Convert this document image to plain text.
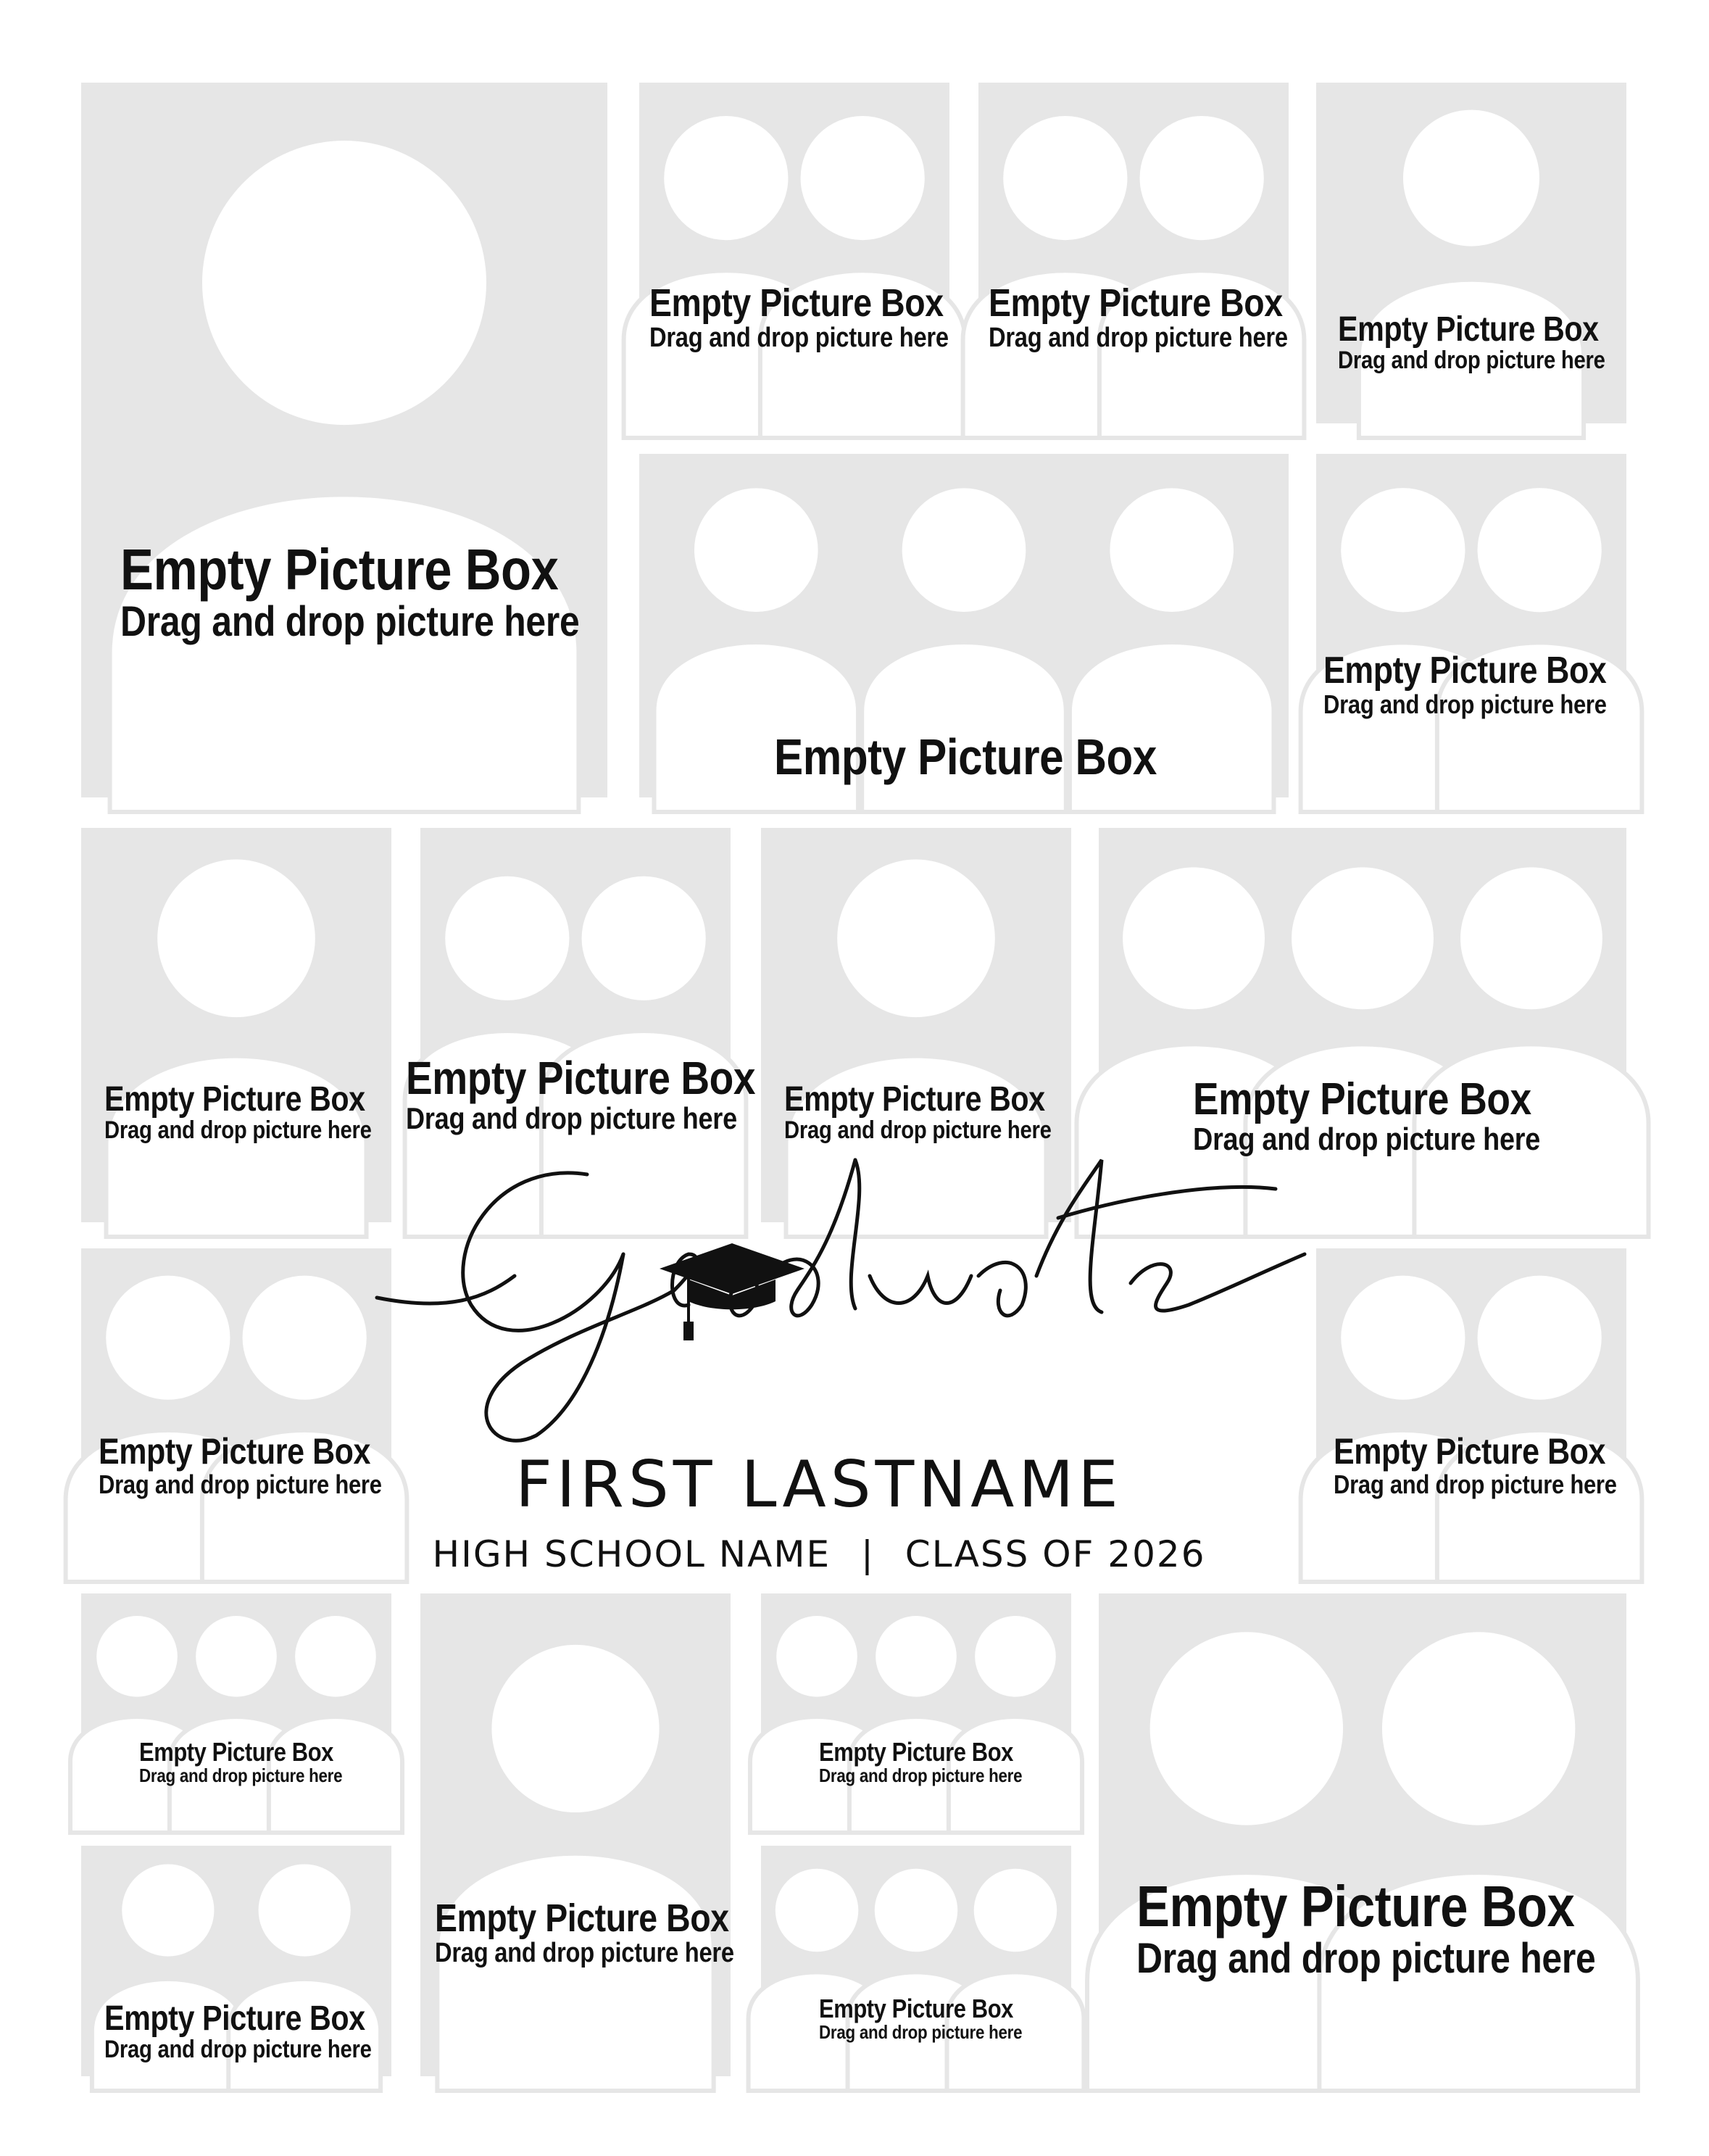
Empty Picture Box
Drag and drop picture here
Empty Picture Box
Drag and drop picture here
Empty Picture Box
Drag and drop picture here Empty Picture Box
Drag and drop picture here
Empty Picture Box
Empty Picture Box
Drag and drop picture here
Empty Picture Box
Drag and drop picture here
Empty Picture Box
Drag and drop picture here	Empty Picture Box
Drag and drop picture here
Empty Picture Box
Drag and drop picture here
Empty Picture Box
Drag and drop picture here
Empty Picture Box
Drag and drop picture here
Empty Picture Box
Drag and drop picture here
Empty Picture Box
Drag and drop picture here
Empty Picture Box
Drag and drop picture here
Empty Picture Box
Drag and drop picture here
Empty Picture Box
Drag and drop picture here
Empty Picture Box
Drag and drop picture here
FIRST LASTNAME
HIGH SCHOOL NAME | CLASS OF 2026
